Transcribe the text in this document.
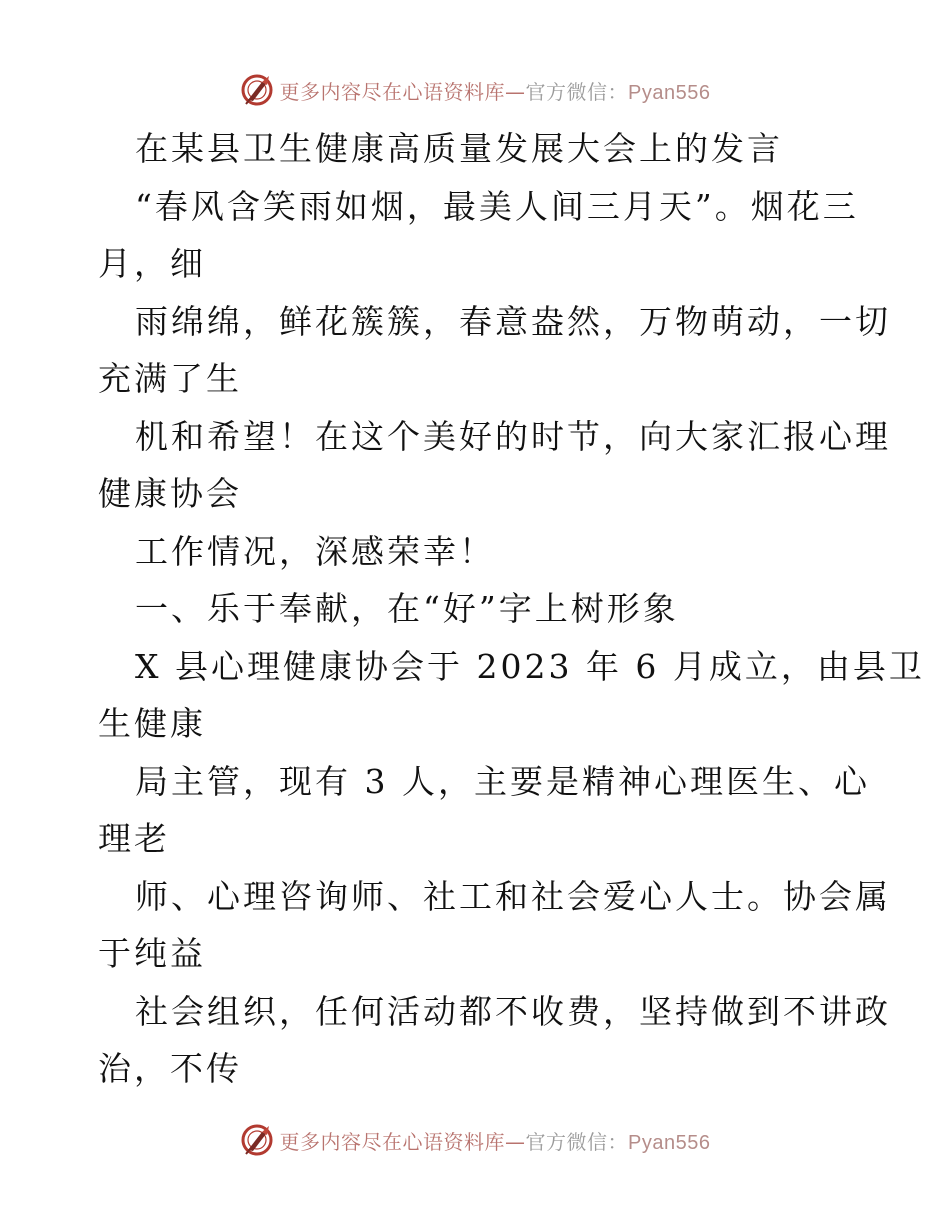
更多内容尽在心语资料库—官方微信：Pyan556
在某县卫生健康高质量发展大会上的发言
“春风含笑雨如烟，最美人间三月天”。烟花三
月，细
雨绵绵，鲜花簇簇，春意盎然，万物萌动，一切
充满了生
机和希望！在这个美好的时节，向大家汇报心理
健康协会
工作情况，深感荣幸！
一、乐于奉献，在“好”字上树形象
X 县心理健康协会于 2023 年 6 月成立，由县卫
生健康
局主管，现有 3 人，主要是精神心理医生、心
理老
师、心理咨询师、社工和社会爱心人士。协会属
于纯益
社会组织，任何活动都不收费，坚持做到不讲政
治，不传
更多内容尽在心语资料库—官方微信：Pyan556
